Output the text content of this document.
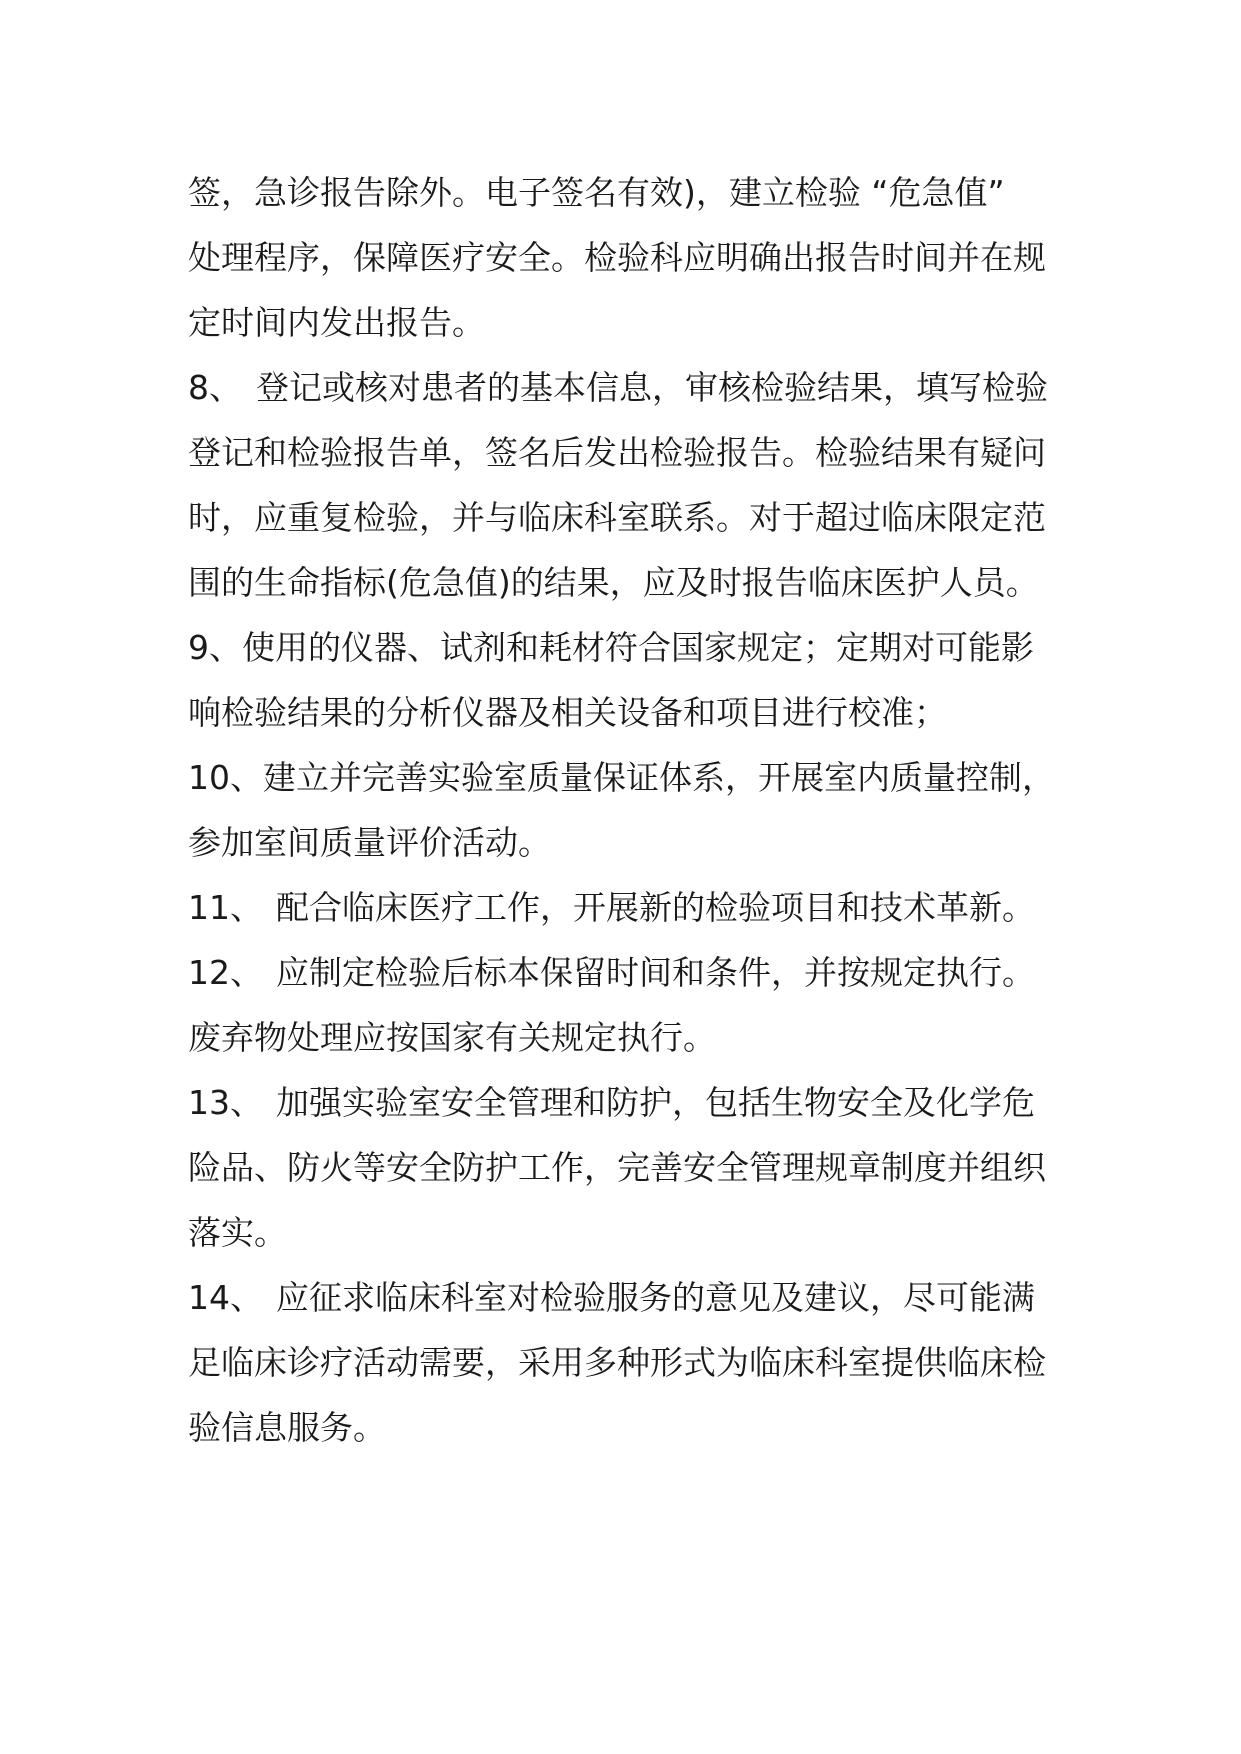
签，急诊报告除外。电子签名有效)，建立检验 “危急值”
处理程序，保障医疗安全。检验科应明确出报告时间并在规
定时间内发出报告。
8、 登记或核对患者的基本信息，审核检验结果，填写检验
登记和检验报告单，签名后发出检验报告。检验结果有疑问
时，应重复检验，并与临床科室联系。对于超过临床限定范
围的生命指标(危急值)的结果，应及时报告临床医护人员。
9、使用的仪器、试剂和耗材符合国家规定；定期对可能影
响检验结果的分析仪器及相关设备和项目进行校准；
10、建立并完善实验室质量保证体系，开展室内质量控制，
参加室间质量评价活动。
11、 配合临床医疗工作，开展新的检验项目和技术革新。
12、 应制定检验后标本保留时间和条件，并按规定执行。
废弃物处理应按国家有关规定执行。
13、 加强实验室安全管理和防护，包括生物安全及化学危
险品、防火等安全防护工作，完善安全管理规章制度并组织
落实。
14、 应征求临床科室对检验服务的意见及建议，尽可能满
足临床诊疗活动需要，采用多种形式为临床科室提供临床检
验信息服务。
